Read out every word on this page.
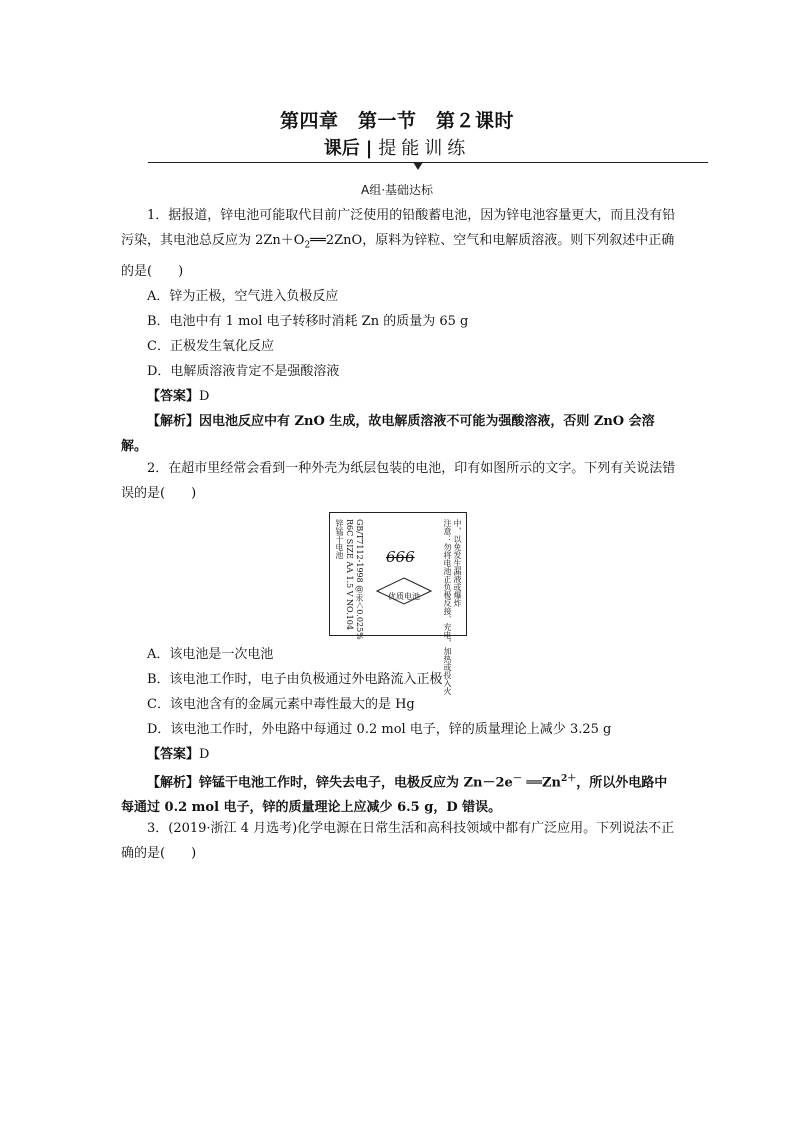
第四章　第一节　第２课时
课后 | 提能训练
A组·基础达标

1．据报道，锌电池可能取代目前广泛使用的铅酸蓄电池，因为锌电池容量更大，而且没有铅污染，其电池总反应为 $2Zn+O_2══2ZnO$，原料为锌粒、空气和电解质溶液。则下列叙述中正确的是(　　)

A．锌为正极，空气进入负极反应

B．电池中有 1 mol 电子转移时消耗 Zn 的质量为 65 g

C．正极发生氧化反应

D．电解质溶液肯定不是强酸溶液

【答案】D

【解析】因电池反应中有 ZnO 生成，故电解质溶液不可能为强酸溶液，否则 ZnO 会溶解。

2．在超市里经常会看到一种外壳为纸层包装的电池，印有如图所示的文字。下列有关说法错误的是(　　)

锌锰干电池 R6C SIZE AA 1.5 V NO.104 GB/T7112-1998 @汞＜0.025% 666
优质电池	注意：勿将电池正负极反接、充电，加热或投入火 中，以免发生漏液或爆炸

A．该电池是一次电池

B．该电池工作时，电子由负极通过外电路流入正极

C．该电池含有的金属元素中毒性最大的是 Hg

D．该电池工作时，外电路中每通过 0.2 mol 电子，锌的质量理论上减少 3.25 g

【答案】D

【解析】锌锰干电池工作时，锌失去电子，电极反应为 Zn－2e－ $══Zn^{2+}$，所以外电路中每通过 0.2 mol 电子，锌的质量理论上应减少 6.5 g，D 错误。

3．(2019·浙江 4 月选考)化学电源在日常生活和高科技领域中都有广泛应用。下列说法不正确的是(　　)
